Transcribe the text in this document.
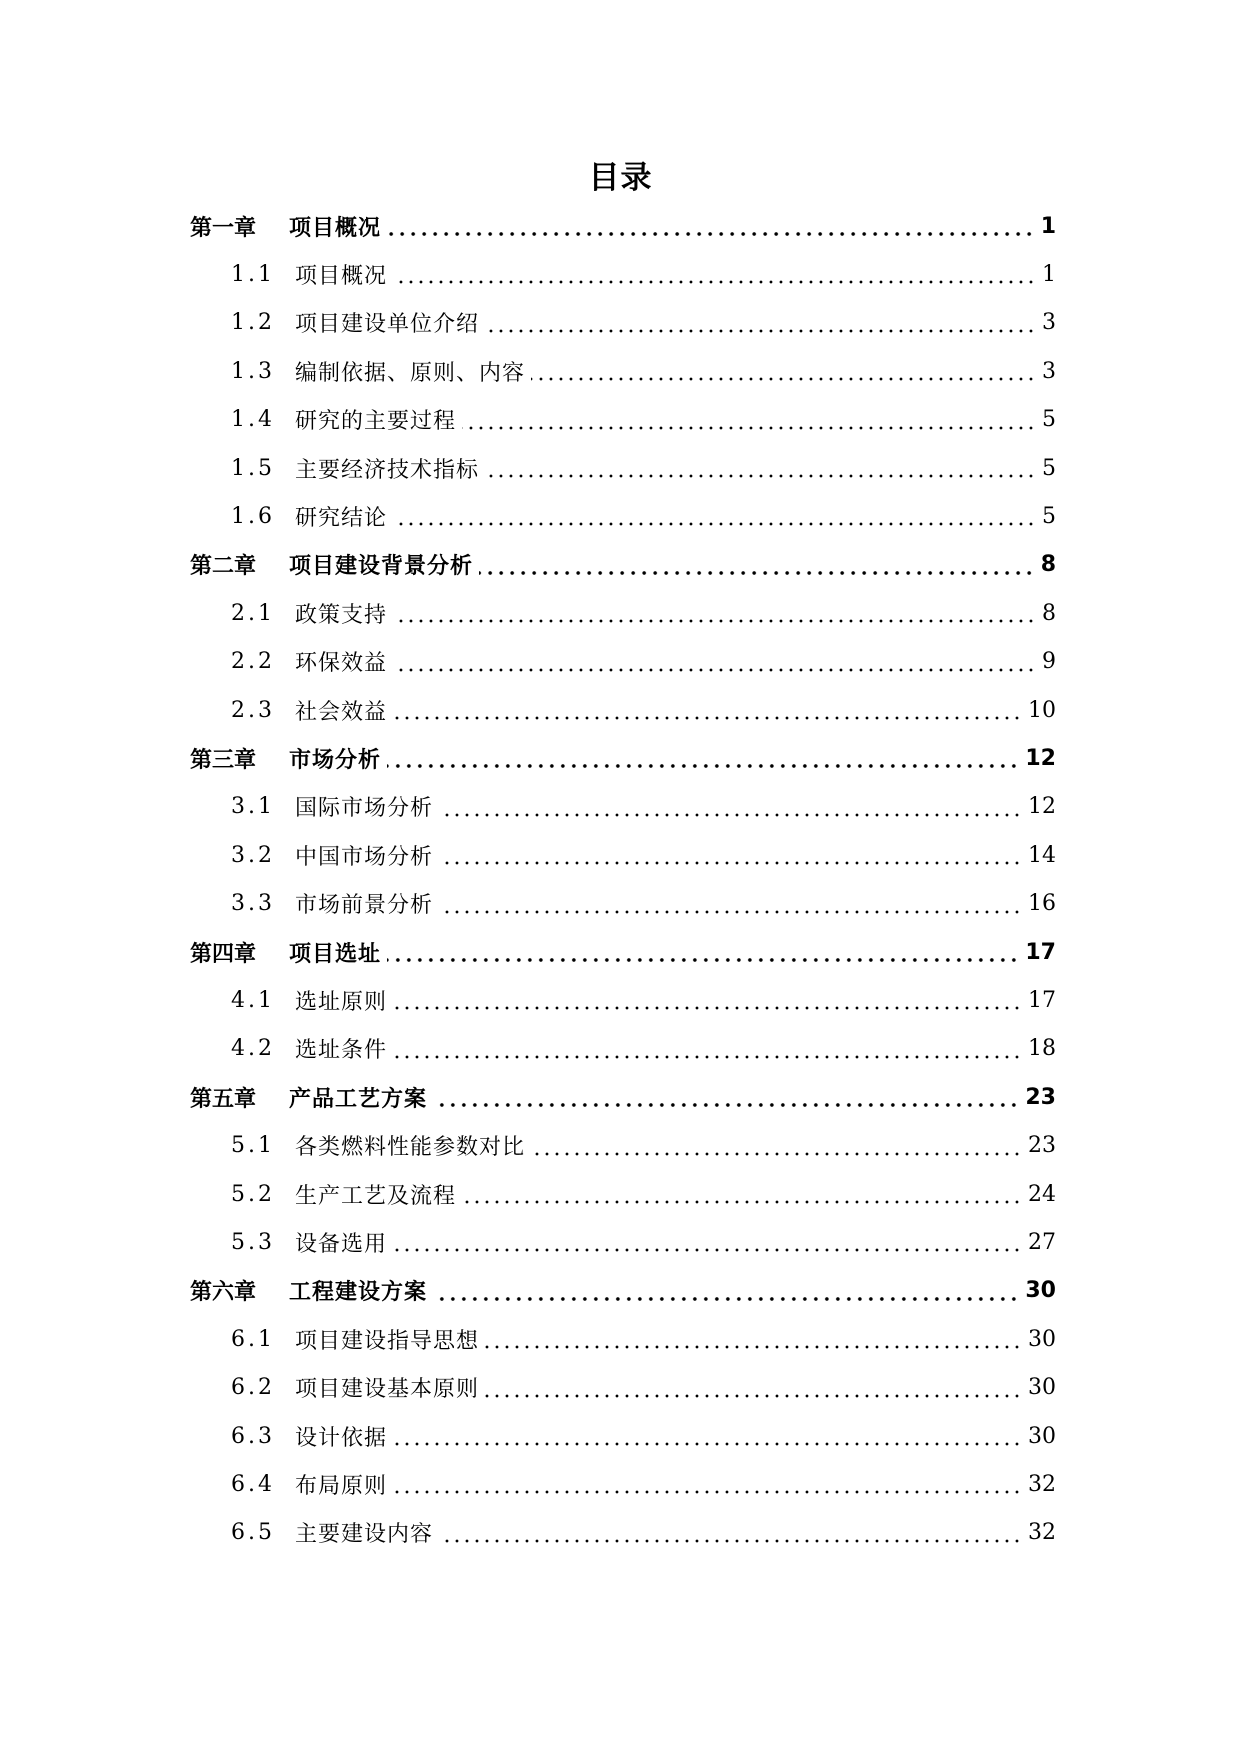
目录
第一章	项目概况	1
1.1 项目概况	1
1.2 项目建设单位介绍	3
1.3 编制依据、原则、内容	3
1.4 研究的主要过程	5
1.5 主要经济技术指标	5
1.6 研究结论	5
第二章	项目建设背景分析	8
2.1 政策支持	8
2.2 环保效益	9
2.3 社会效益	10
第三章	市场分析	12
3.1 国际市场分析	12
3.2 中国市场分析	14
3.3 市场前景分析	16
第四章	项目选址	17
4.1 选址原则	17
4.2 选址条件	18
第五章	产品工艺方案	23
5.1 各类燃料性能参数对比	23
5.2 生产工艺及流程	24
5.3 设备选用	27
第六章	工程建设方案	30
6.1 项目建设指导思想	30
6.2 项目建设基本原则	30
6.3 设计依据	30
6.4 布局原则	32
6.5 主要建设内容	32
